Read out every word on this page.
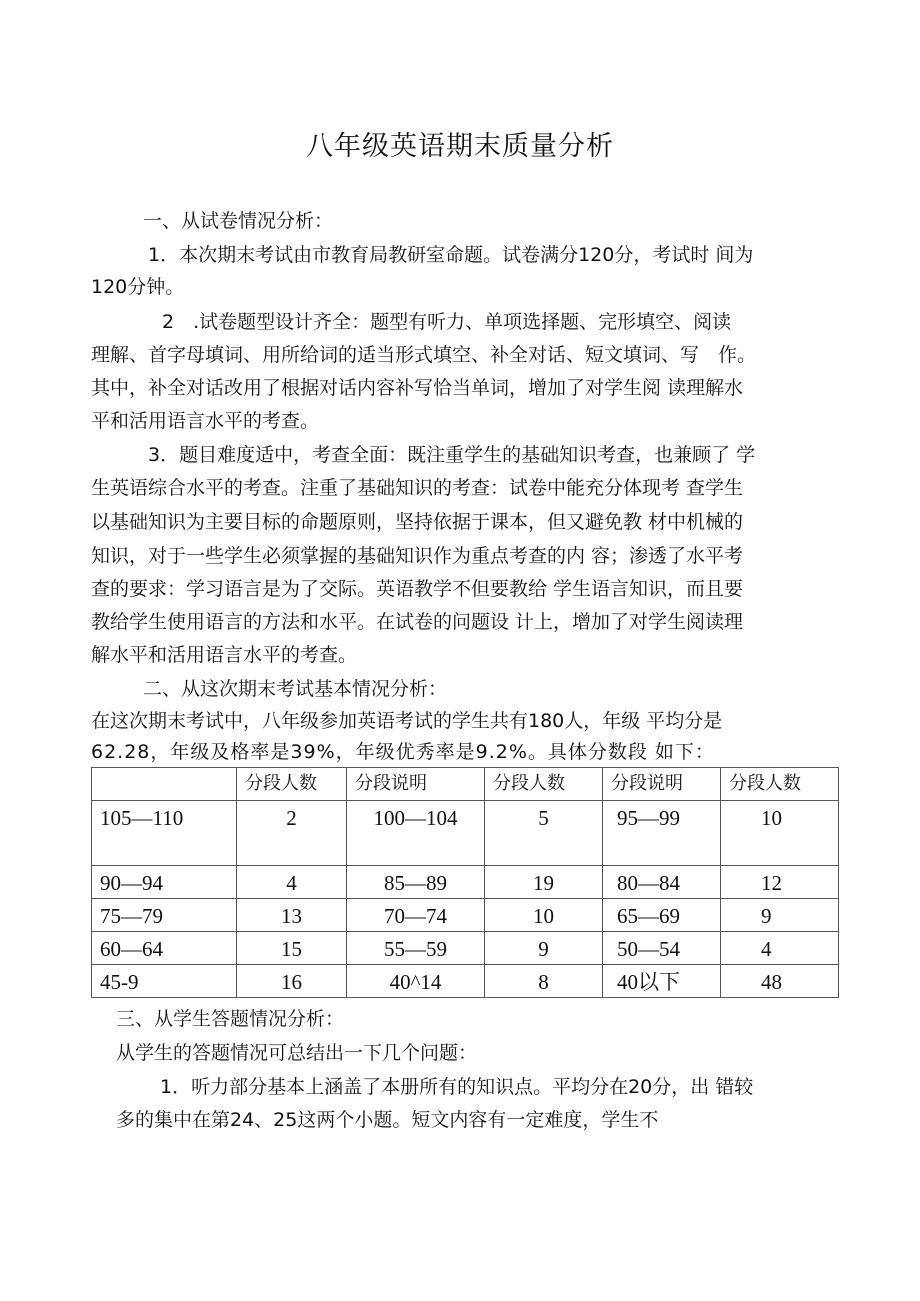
八年级英语期末质量分析

一、从试卷情况分析：

1．本次期末考试由市教育局教研室命题。试卷满分120分，考试时 间为

120分钟。

2　.试卷题型设计齐全：题型有听力、单项选择题、完形填空、阅读

理解、首字母填词、用所给词的适当形式填空、补全对话、短文填词、写　作。

其中，补全对话改用了根据对话内容补写恰当单词，增加了对学生阅 读理解水

平和活用语言水平的考查。

3．题目难度适中，考查全面：既注重学生的基础知识考查，也兼顾了 学

生英语综合水平的考查。注重了基础知识的考查：试卷中能充分体现考 查学生

以基础知识为主要目标的命题原则，坚持依据于课本，但又避免教 材中机械的

知识，对于一些学生必须掌握的基础知识作为重点考查的内 容；渗透了水平考

查的要求：学习语言是为了交际。英语教学不但要教给 学生语言知识，而且要

教给学生使用语言的方法和水平。在试卷的问题设 计上，增加了对学生阅读理

解水平和活用语言水平的考查。

二、从这次期末考试基本情况分析：

在这次期末考试中，八年级参加英语考试的学生共有180人，年级 平均分是

62.28，年级及格率是39%，年级优秀率是9.2%。具体分数段 如下：

	分段人数	分段说明	分段人数	分段说明	分段人数
105—110	2	100—104	5	95—99	10
90—94	4	85—89	19	80—84	12
75—79	13	70—74	10	65—69	9
60—64	15	55—59	9	50—54	4
45-9	16	40^14	8	40以下	48

三、从学生答题情况分析：

从学生的答题情况可总结出一下几个问题：

1．听力部分基本上涵盖了本册所有的知识点。平均分在20分，出 错较

多的集中在第24、25这两个小题。短文内容有一定难度，学生不
